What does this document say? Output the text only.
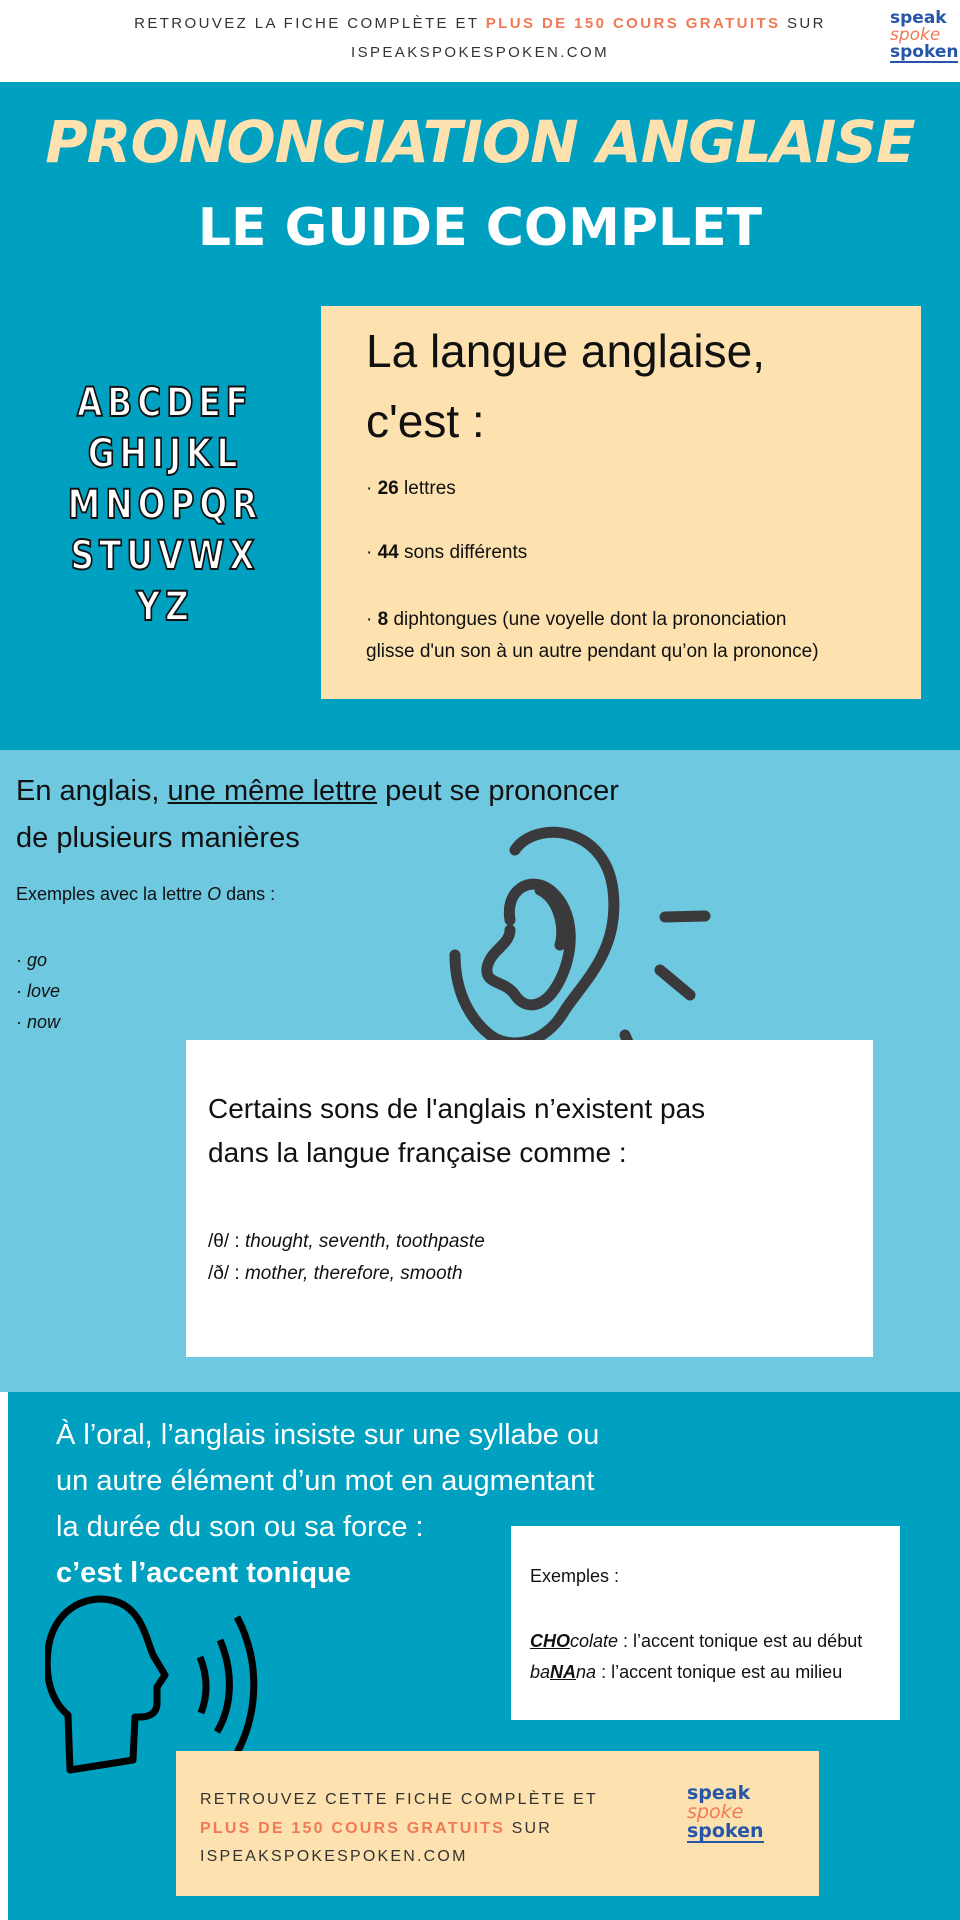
RETROUVEZ LA FICHE COMPLÈTE ET PLUS DE 150 COURS GRATUITS SUR
ISPEAKSPOKESPOKEN.COM
speak
spoke
spoken
PRONONCIATION ANGLAISE
LE GUIDE COMPLET
ABCDEF
GHIJKL
MNOPQR
STUVWX
YZ
La langue anglaise,
c'est :
· 26 lettres
· 44 sons différents
· 8 diphtongues (une voyelle dont la prononciation
glisse d'un son à un autre pendant qu’on la prononce)
En anglais, une même lettre peut se prononcer
de plusieurs manières
Exemples avec la lettre O dans :
· go
· love
· now
Certains sons de l'anglais n’existent pas
dans la langue française comme :
/θ/ : thought, seventh, toothpaste
/ð/ : mother, therefore, smooth
À l’oral, l’anglais insiste sur une syllabe ou
un autre élément d’un mot en augmentant
la durée du son ou sa force :
c’est l’accent tonique	Exemples :
CHOcolate : l’accent tonique est au début
baNAna : l’accent tonique est au milieu
RETROUVEZ CETTE FICHE COMPLÈTE ET
PLUS DE 150 COURS GRATUITS SUR
ISPEAKSPOKESPOKEN.COM
speak
spoke
spoken
